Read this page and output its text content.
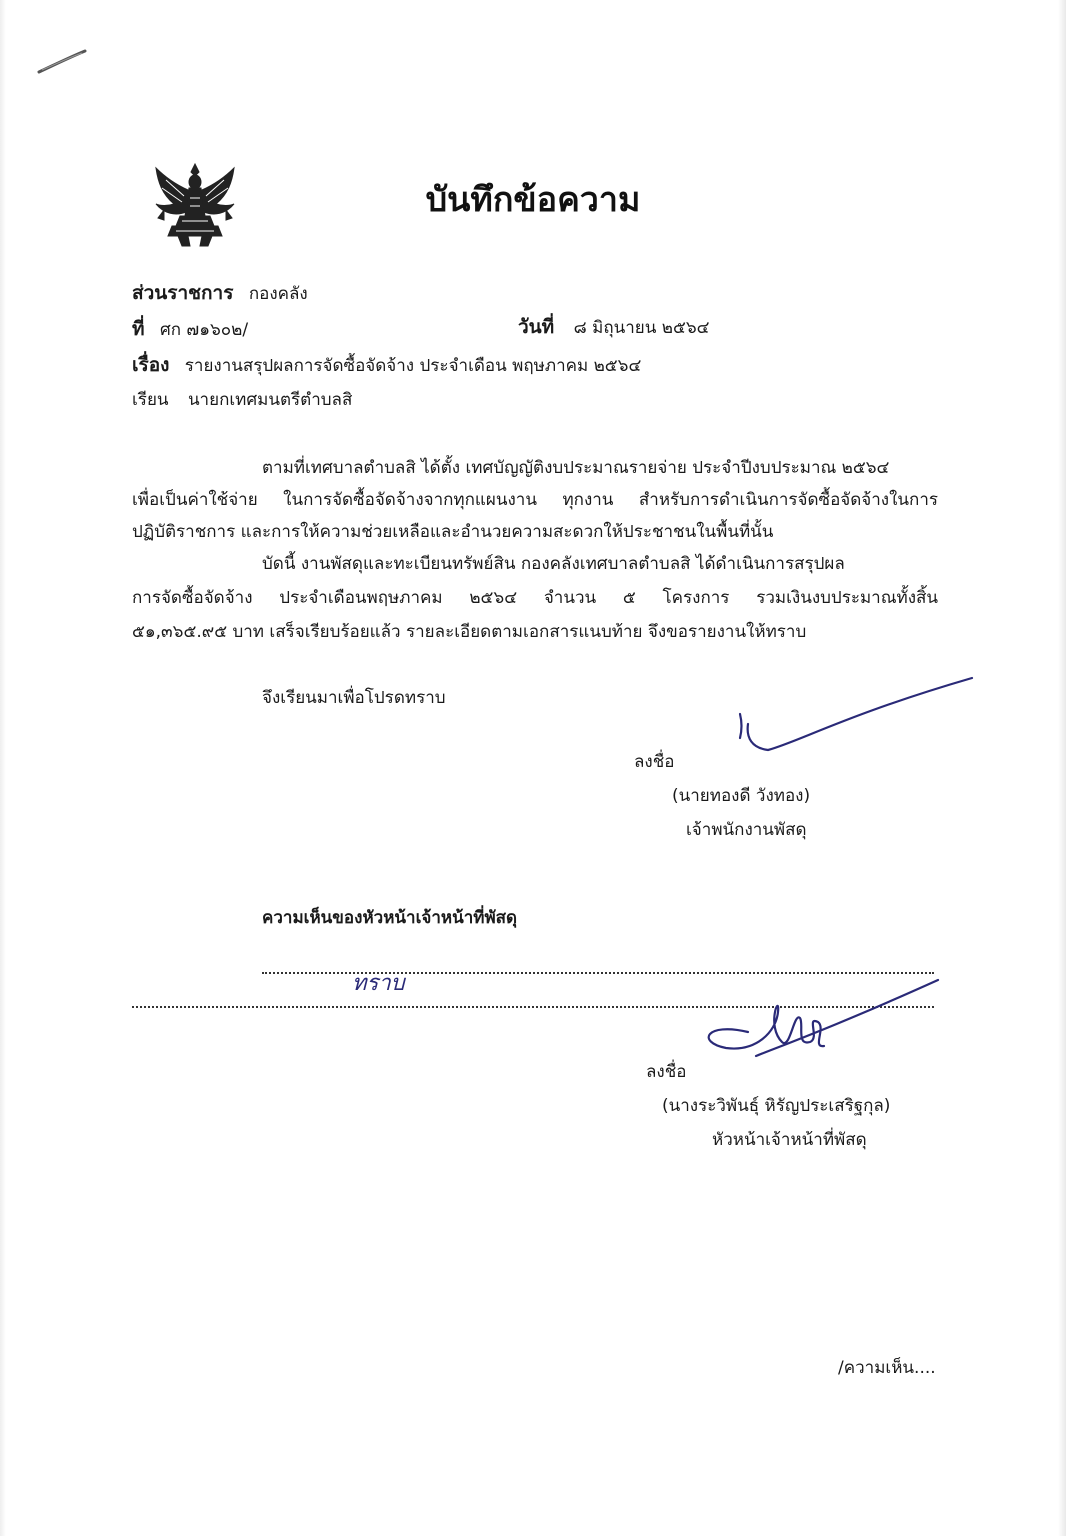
บันทึกข้อความ
ส่วนราชการ กองคลัง
ที่ ศก ๗๑๖๐๒/	วันที่ ๘ มิถุนายน ๒๕๖๔
เรื่อง รายงานสรุปผลการจัดซื้อจัดจ้าง ประจำเดือน พฤษภาคม ๒๕๖๔
เรียน นายกเทศมนตรีตำบลสิ
ตามที่เทศบาลตำบลสิ ได้ตั้ง เทศบัญญัติงบประมาณรายจ่าย ประจำปีงบประมาณ ๒๕๖๔
เพื่อเป็นค่าใช้จ่าย ในการจัดซื้อจัดจ้างจากทุกแผนงาน ทุกงาน สำหรับการดำเนินการจัดซื้อจัดจ้างในการ
ปฏิบัติราชการ และการให้ความช่วยเหลือและอำนวยความสะดวกให้ประชาชนในพื้นที่นั้น
บัดนี้ งานพัสดุและทะเบียนทรัพย์สิน กองคลังเทศบาลตำบลสิ ได้ดำเนินการสรุปผล
การจัดซื้อจัดจ้าง ประจำเดือนพฤษภาคม ๒๕๖๔ จำนวน ๕ โครงการ รวมเงินงบประมาณทั้งสิ้น
๕๑,๓๖๕.๙๕ บาท เสร็จเรียบร้อยแล้ว รายละเอียดตามเอกสารแนบท้าย จึงขอรายงานให้ทราบ
จึงเรียนมาเพื่อโปรดทราบ
ลงชื่อ
(นายทองดี วังทอง)
เจ้าพนักงานพัสดุ
ความเห็นของหัวหน้าเจ้าหน้าที่พัสดุ
ทราบ
ลงชื่อ
(นางระวิพันธุ์ หิรัญประเสริฐกุล)
หัวหน้าเจ้าหน้าที่พัสดุ
/ความเห็น....
